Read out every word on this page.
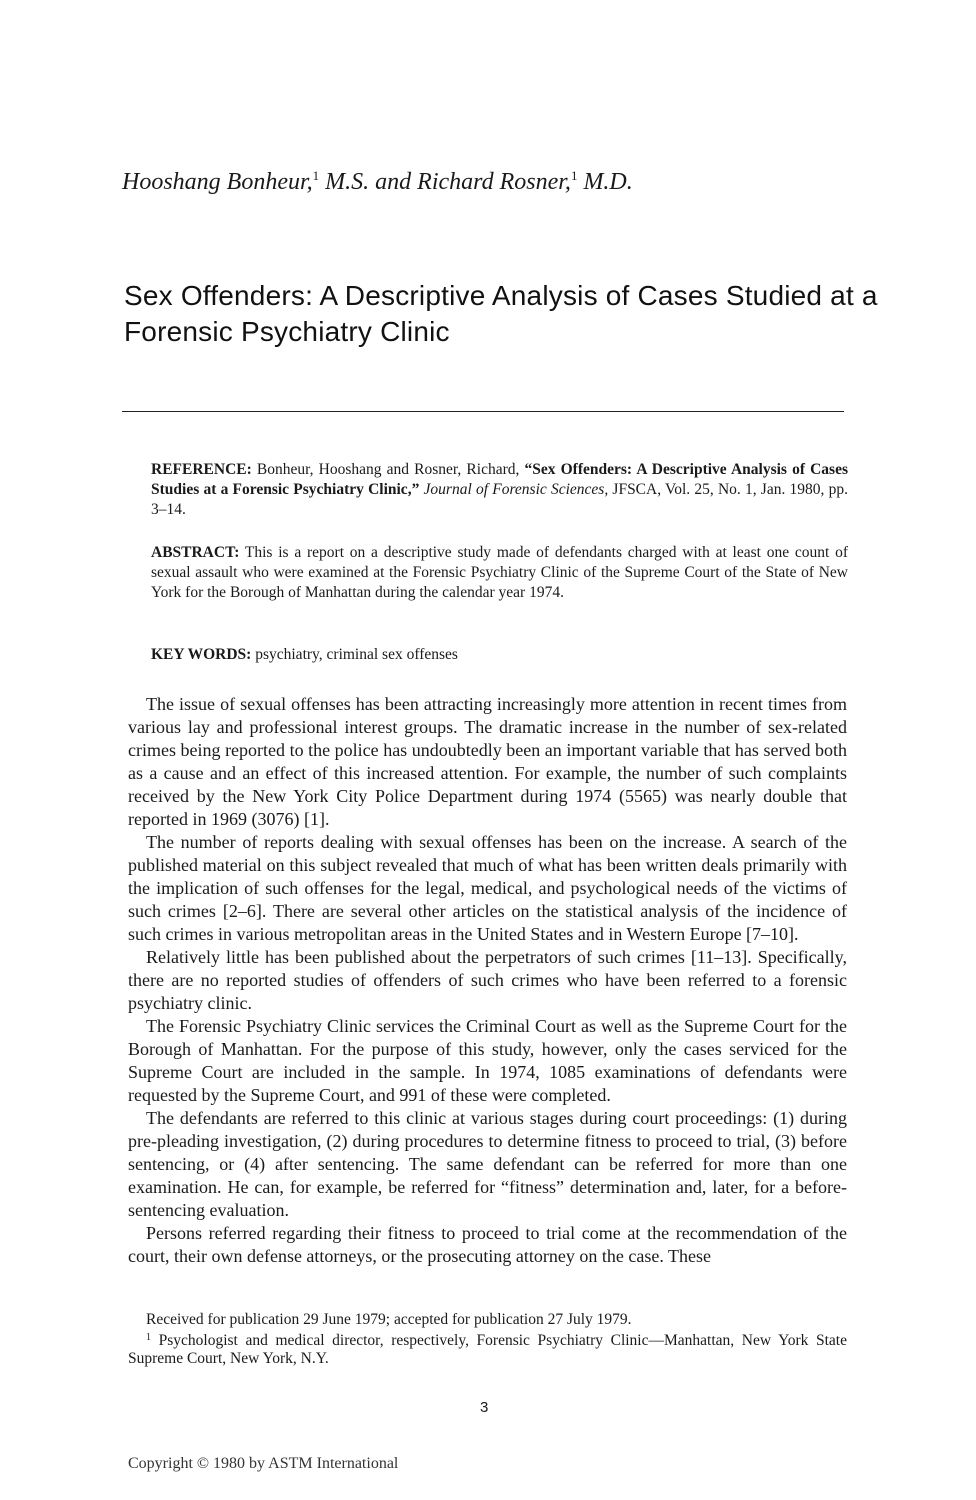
Hooshang Bonheur,$^1$ M.S. and Richard Rosner,$^1$ M.D.
Sex Offenders: A Descriptive Analysis of Cases Studied at a Forensic Psychiatry Clinic
REFERENCE: Bonheur, Hooshang and Rosner, Richard, “Sex Offenders: A Descriptive Analysis of Cases Studies at a Forensic Psychiatry Clinic,” Journal of Forensic Sciences, JFSCA, Vol. 25, No. 1, Jan. 1980, pp. 3–14.
ABSTRACT: This is a report on a descriptive study made of defendants charged with at least one count of sexual assault who were examined at the Forensic Psychiatry Clinic of the Supreme Court of the State of New York for the Borough of Manhattan during the calendar year 1974.
KEY WORDS: psychiatry, criminal sex offenses

The issue of sexual offenses has been attracting increasingly more attention in recent times from various lay and professional interest groups. The dramatic increase in the number of sex-related crimes being reported to the police has undoubtedly been an important variable that has served both as a cause and an effect of this increased attention. For example, the number of such complaints received by the New York City Police Department during 1974 (5565) was nearly double that reported in 1969 (3076) [1].

The number of reports dealing with sexual offenses has been on the increase. A search of the published material on this subject revealed that much of what has been written deals primarily with the implication of such offenses for the legal, medical, and psychological needs of the victims of such crimes [2–6]. There are several other articles on the statistical analysis of the incidence of such crimes in various metropolitan areas in the United States and in Western Europe [7–10].

Relatively little has been published about the perpetrators of such crimes [11–13]. Specifically, there are no reported studies of offenders of such crimes who have been referred to a forensic psychiatry clinic.

The Forensic Psychiatry Clinic services the Criminal Court as well as the Supreme Court for the Borough of Manhattan. For the purpose of this study, however, only the cases serviced for the Supreme Court are included in the sample. In 1974, 1085 examinations of defendants were requested by the Supreme Court, and 991 of these were completed.

The defendants are referred to this clinic at various stages during court proceedings: (1) during pre-pleading investigation, (2) during procedures to determine fitness to proceed to trial, (3) before sentencing, or (4) after sentencing. The same defendant can be referred for more than one examination. He can, for example, be referred for “fitness” determination and, later, for a before-sentencing evaluation.

Persons referred regarding their fitness to proceed to trial come at the recommendation of the court, their own defense attorneys, or the prosecuting attorney on the case. These

Received for publication 29 June 1979; accepted for publication 27 July 1979.

$^1$ Psychologist and medical director, respectively, Forensic Psychiatry Clinic—Manhattan, New York State Supreme Court, New York, N.Y.

3
Copyright © 1980 by ASTM International
